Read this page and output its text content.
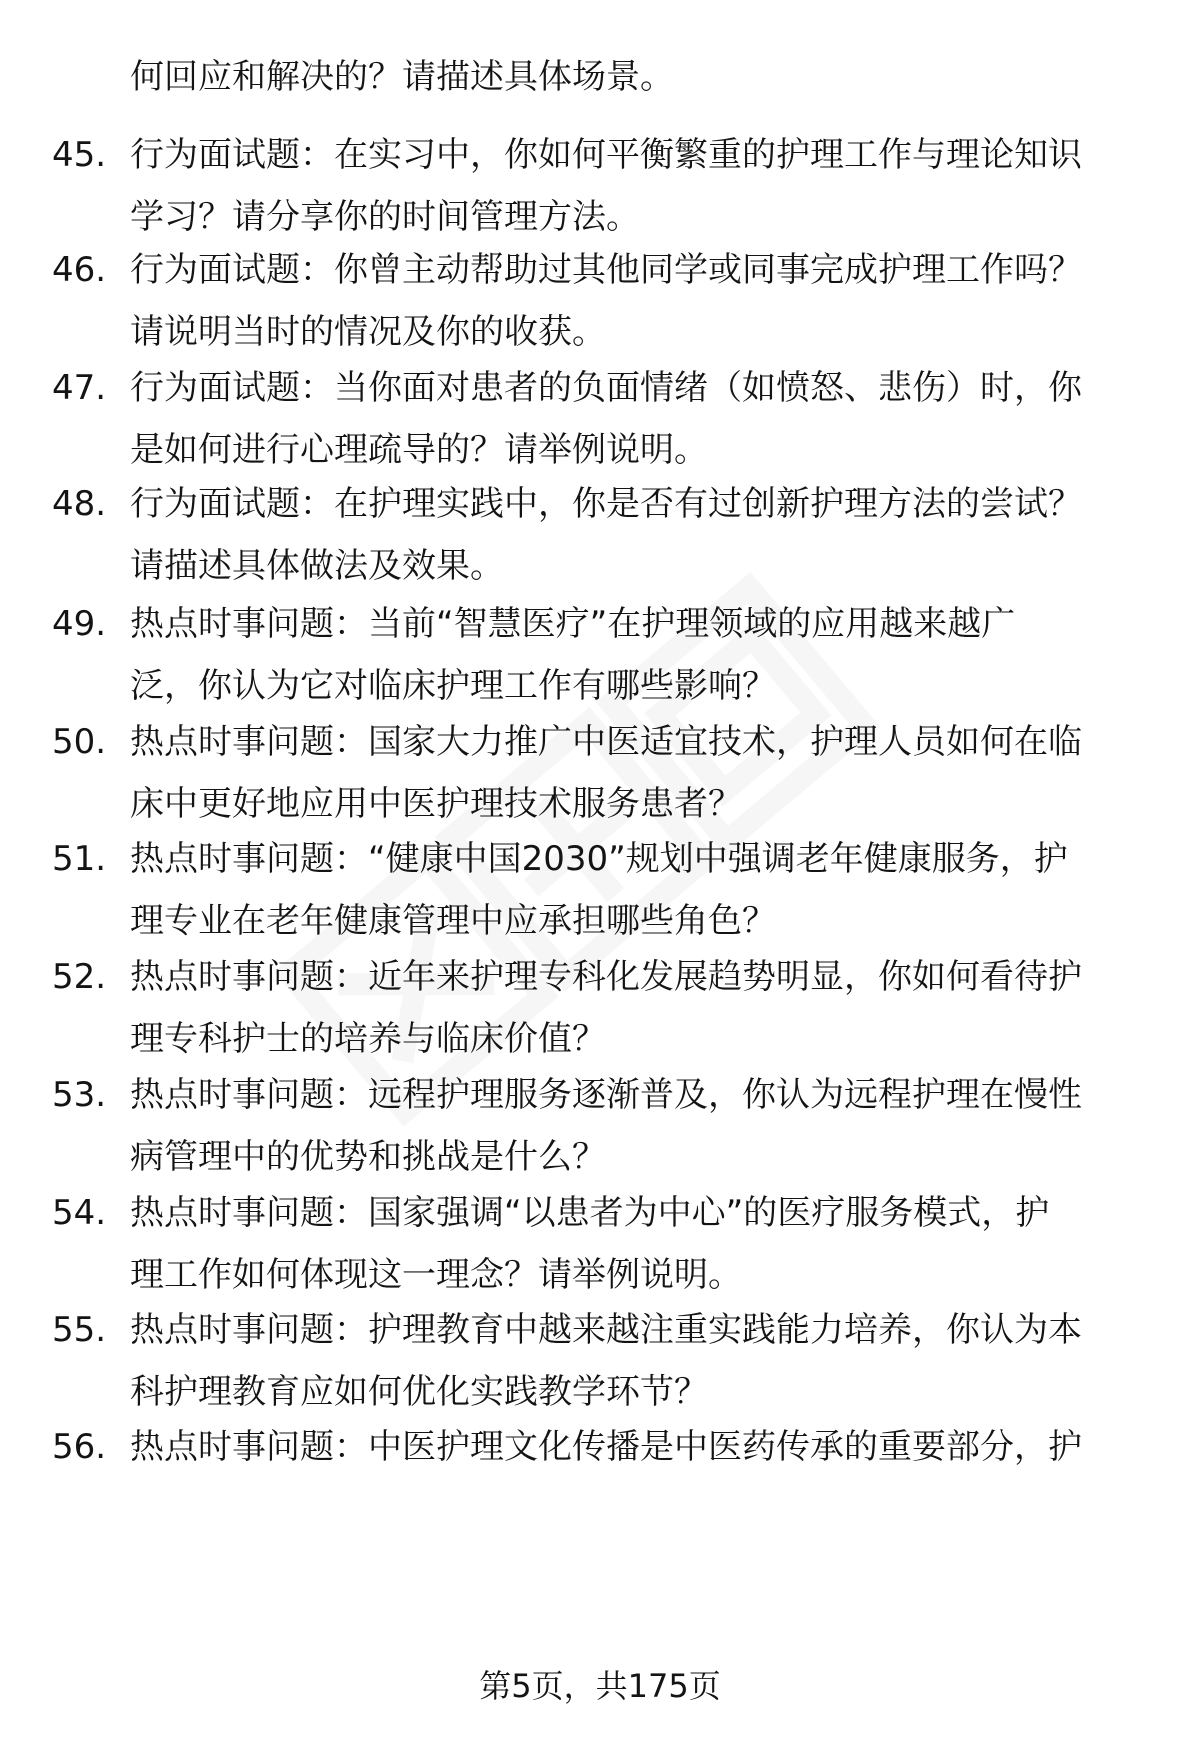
何回应和解决的？请描述具体场景。
45. 行为面试题：在实习中，你如何平衡繁重的护理工作与理论知识
学习？请分享你的时间管理方法。
46. 行为面试题：你曾主动帮助过其他同学或同事完成护理工作吗？
请说明当时的情况及你的收获。
47. 行为面试题：当你面对患者的负面情绪（如愤怒、悲伤）时，你
是如何进行心理疏导的？请举例说明。
48. 行为面试题：在护理实践中，你是否有过创新护理方法的尝试？
请描述具体做法及效果。
49. 热点时事问题：当前“智慧医疗”在护理领域的应用越来越广
泛，你认为它对临床护理工作有哪些影响？
50. 热点时事问题：国家大力推广中医适宜技术，护理人员如何在临
床中更好地应用中医护理技术服务患者？
51. 热点时事问题：“健康中国2030”规划中强调老年健康服务，护
理专业在老年健康管理中应承担哪些角色？
52. 热点时事问题：近年来护理专科化发展趋势明显，你如何看待护
理专科护士的培养与临床价值？
53. 热点时事问题：远程护理服务逐渐普及，你认为远程护理在慢性
病管理中的优势和挑战是什么？
54. 热点时事问题：国家强调“以患者为中心”的医疗服务模式，护
理工作如何体现这一理念？请举例说明。
55. 热点时事问题：护理教育中越来越注重实践能力培养，你认为本
科护理教育应如何优化实践教学环节？
56. 热点时事问题：中医护理文化传播是中医药传承的重要部分，护
第5页，共175页
